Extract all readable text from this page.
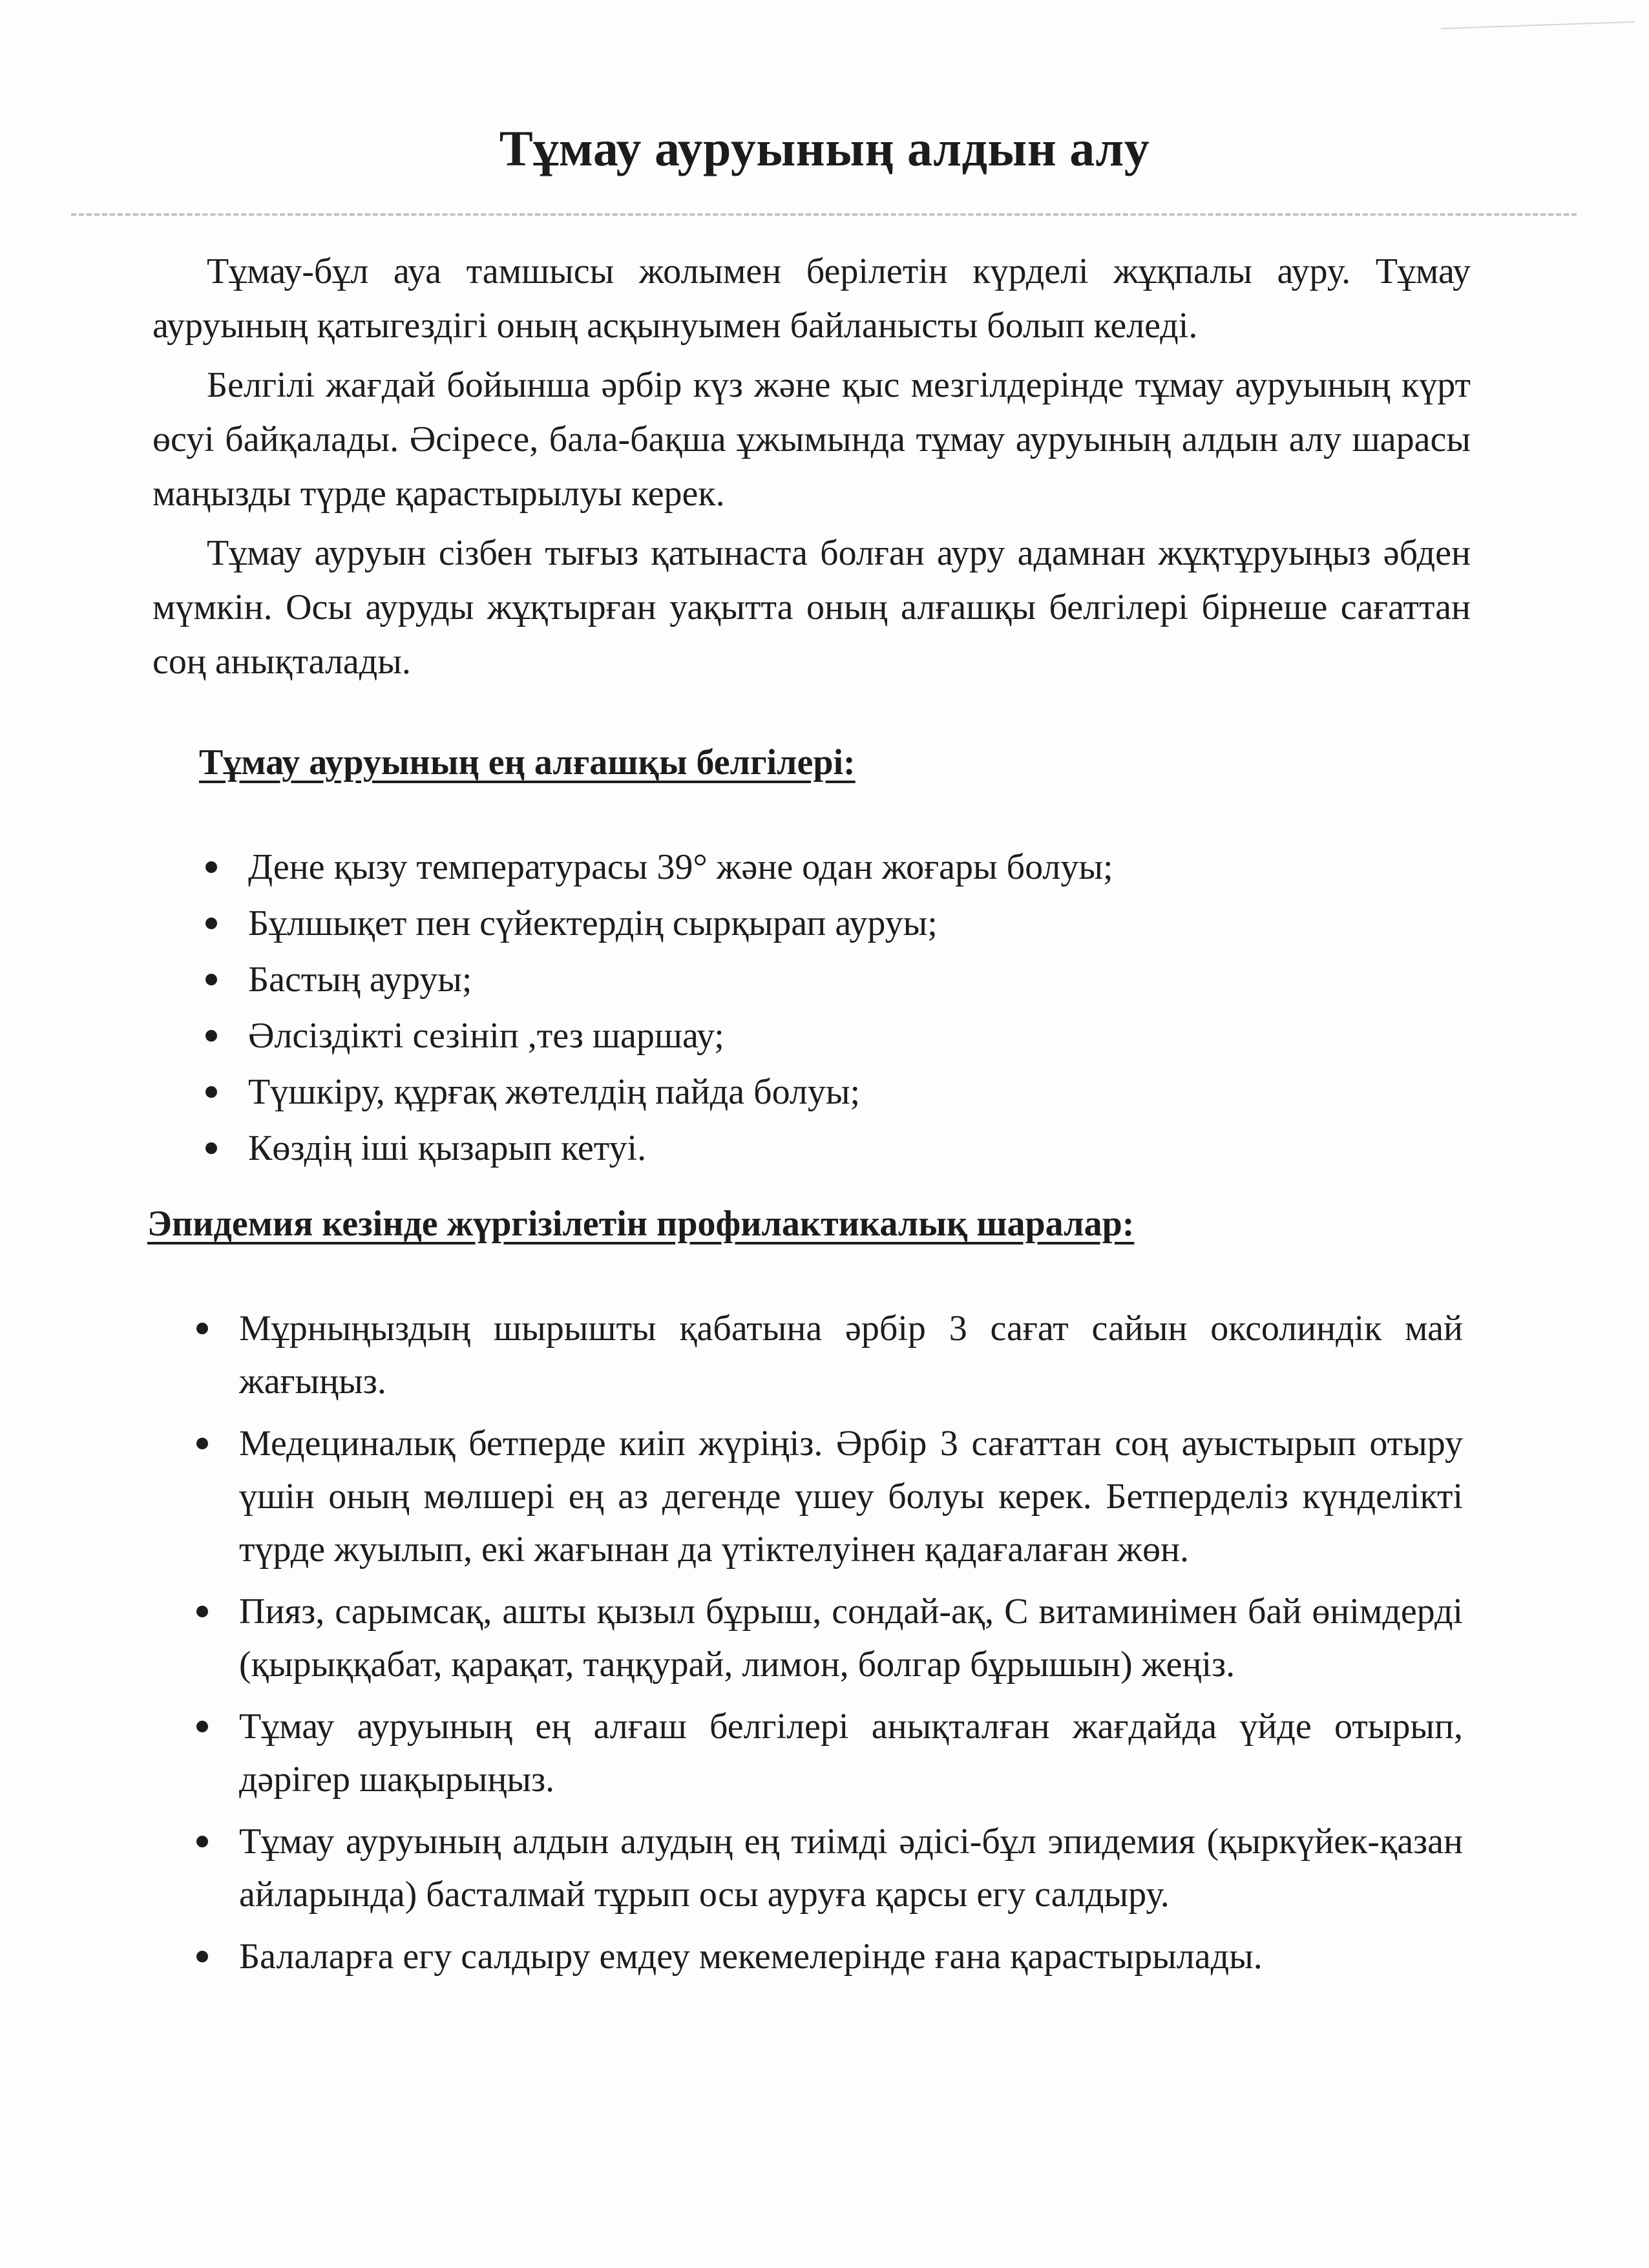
Тұмау ауруының алдын алу

Тұмау-бұл ауа тамшысы жолымен берілетін күрделі жұқпалы ауру. Тұмау ауруының қатыгездігі оның асқынуымен байланысты болып келеді.

Белгілі жағдай бойынша әрбір күз және қыс мезгілдерінде тұмау ауруының күрт өсуі байқалады. Әсіресе, бала-бақша ұжымында тұмау ауруының алдын алу шарасы маңызды түрде қарастырылуы керек.

Тұмау ауруын сізбен тығыз қатынаста болған ауру адамнан жұқтұруыңыз әбден мүмкін. Осы ауруды жұқтырған уақытта оның алғашқы белгілері бірнеше сағаттан соң анықталады.

Тұмау ауруының ең алғашқы белгілері:
Дене қызу температурасы 39° және одан жоғары болуы;
Бұлшықет пен сүйектердің сырқырап ауруы;
Бастың ауруы;
Әлсіздікті сезініп ,тез шаршау;
Түшкіру, құрғақ жөтелдің пайда болуы;
Көздің іші қызарып кетуі.
Эпидемия кезінде жүргізілетін профилактикалық шаралар:
Мұрныңыздың шырышты қабатына әрбір 3 сағат сайын оксолиндік май жағыңыз.
Медециналық бетперде киіп жүріңіз. Әрбір 3 сағаттан соң ауыстырып отыру үшін оның мөлшері ең аз дегенде үшеу болуы керек. Бетперделіз күнделікті түрде жуылып, екі жағынан да үтіктелуінен қадағалаған жөн.
Пияз, сарымсақ, ашты қызыл бұрыш, сондай-ақ, С витаминімен бай өнімдерді (қырыққабат, қарақат, таңқурай, лимон, болгар бұрышын) жеңіз.
Тұмау ауруының ең алғаш белгілері анықталған жағдайда үйде отырып, дәрігер шақырыңыз.
Тұмау ауруының алдын алудың ең тиімді әдісі-бұл эпидемия (қыркүйек-қазан айларында) басталмай тұрып осы ауруға қарсы егу салдыру.
Балаларға егу салдыру емдеу мекемелерінде ғана қарастырылады.
